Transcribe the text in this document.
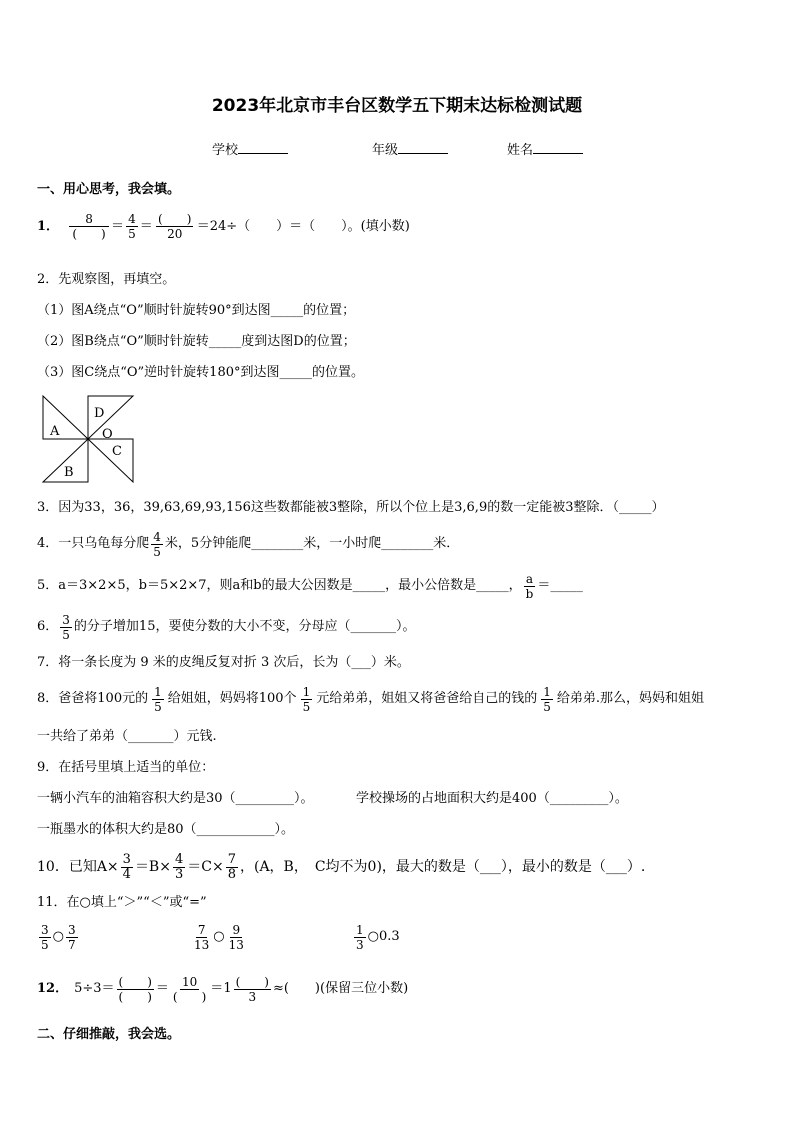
2023年北京市丰台区数学五下期末达标检测试题
学校	年级	姓名
一、用心思考，我会填。
1． $\frac{8}{( )} = \frac{4}{5} = \frac{( )}{20} =24\div$（　　）＝（　　）。(填小数)
2．先观察图，再填空。
（1）图A绕点“O”顺时针旋转90°到达图_____的位置；
（2）图B绕点“O”顺时针旋转_____度到达图D的位置；
（3）图C绕点“O”逆时针旋转180°到达图_____的位置。
A
D
O
C
B
3．因为33，36，39,63,69,93,156这些数都能被3整除，所以个位上是3,6,9的数一定能被3整除．（_____）
4．一只乌龟每分爬 $\frac{4}{5}$ 米，5分钟能爬________米，一小时爬________米．
5．a＝3×2×5，b＝5×2×7，则a和b的最大公因数是_____，最小公倍数是_____， $\frac{a}{b}$ ＝_____
6． $\frac{3}{5}$ 的分子增加15，要使分数的大小不变，分母应（_______）。
7．将一条长度为 9 米的皮绳反复对折 3 次后，长为（___）米。
8．爸爸将100元的 $\frac{1}{5}$ 给姐姐，妈妈将100个 $\frac{1}{5}$ 元给弟弟，姐姐又将爸爸给自己的钱的 $\frac{1}{5}$ 给弟弟.那么，妈妈和姐姐
一共给了弟弟（_______）元钱.
9．在括号里填上适当的单位：
一辆小汽车的油箱容积大约是30（_________）。	学校操场的占地面积大约是400（_________）。
一瓶墨水的体积大约是80（____________）。
10．已知$A\times \frac{3}{4} =B\times \frac{4}{3} =C\times \frac{7}{8}$ ，(A，B，　C均不为0)，最大的数是（___），最小的数是（___）.
11．在○填上“＞”“＜”或“=”
$\frac{3}{5}$ ○ $\frac{3}{7}$	$\frac{7}{13}$ ○ $\frac{9}{13}$	$\frac{1}{3}$ ○ 0.3
12． $5\div 3= \frac{( )}{( )} = \frac{10}{( )} = 1 \frac{( )}{3}$ ≈(　　)(保留三位小数)
二、仔细推敲，我会选。
